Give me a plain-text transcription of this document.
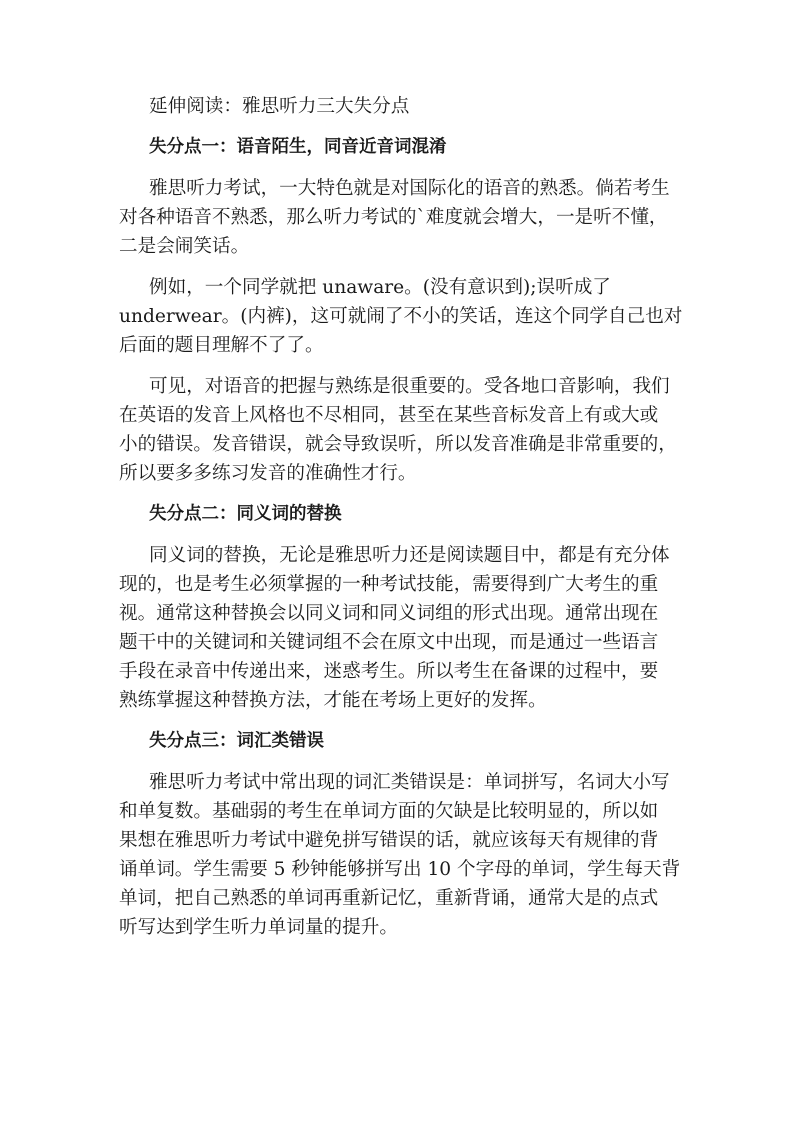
延伸阅读：雅思听力三大失分点
失分点一：语音陌生，同音近音词混淆
雅思听力考试，一大特色就是对国际化的语音的熟悉。倘若考生
对各种语音不熟悉，那么听力考试的`难度就会增大，一是听不懂，
二是会闹笑话。
例如，一个同学就把 unaware。(没有意识到);误听成了
underwear。(内裤)，这可就闹了不小的笑话，连这个同学自己也对
后面的题目理解不了了。
可见，对语音的把握与熟练是很重要的。受各地口音影响，我们
在英语的发音上风格也不尽相同，甚至在某些音标发音上有或大或
小的错误。发音错误，就会导致误听，所以发音准确是非常重要的，
所以要多多练习发音的准确性才行。
失分点二：同义词的替换
同义词的替换，无论是雅思听力还是阅读题目中，都是有充分体
现的，也是考生必须掌握的一种考试技能，需要得到广大考生的重
视。通常这种替换会以同义词和同义词组的形式出现。通常出现在
题干中的关键词和关键词组不会在原文中出现，而是通过一些语言
手段在录音中传递出来，迷惑考生。所以考生在备课的过程中，要
熟练掌握这种替换方法，才能在考场上更好的发挥。
失分点三：词汇类错误
雅思听力考试中常出现的词汇类错误是：单词拼写，名词大小写
和单复数。基础弱的考生在单词方面的欠缺是比较明显的，所以如
果想在雅思听力考试中避免拼写错误的话，就应该每天有规律的背
诵单词。学生需要 5 秒钟能够拼写出 10 个字母的单词，学生每天背
单词，把自己熟悉的单词再重新记忆，重新背诵，通常大是的点式
听写达到学生听力单词量的提升。
